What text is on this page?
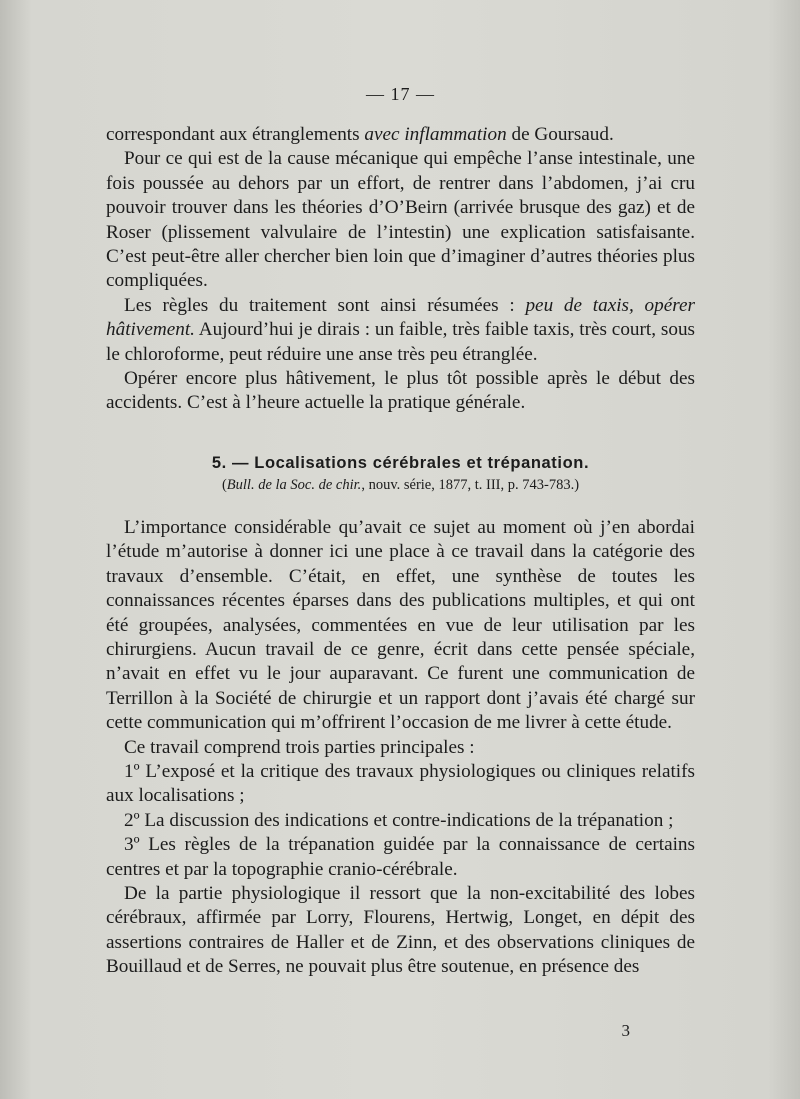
— 17 —

correspondant aux étranglements avec inflammation de Goursaud.

Pour ce qui est de la cause mécanique qui empêche l’anse intestinale, une fois poussée au dehors par un effort, de rentrer dans l’abdomen, j’ai cru pouvoir trouver dans les théories d’O’Beirn (arrivée brusque des gaz) et de Roser (plissement valvulaire de l’intestin) une explication satisfaisante. C’est peut-être aller chercher bien loin que d’imaginer d’autres théories plus compliquées.

Les règles du traitement sont ainsi résumées : peu de taxis, opérer hâtivement. Aujourd’hui je dirais : un faible, très faible taxis, très court, sous le chloroforme, peut réduire une anse très peu étranglée.

Opérer encore plus hâtivement, le plus tôt possible après le début des accidents. C’est à l’heure actuelle la pratique générale.

5. — Localisations cérébrales et trépanation.
(Bull. de la Soc. de chir., nouv. série, 1877, t. III, p. 743-783.)

L’importance considérable qu’avait ce sujet au moment où j’en abordai l’étude m’autorise à donner ici une place à ce travail dans la catégorie des travaux d’ensemble. C’était, en effet, une synthèse de toutes les connaissances récentes éparses dans des publications multiples, et qui ont été groupées, analysées, commentées en vue de leur utilisation par les chirurgiens. Aucun travail de ce genre, écrit dans cette pensée spéciale, n’avait en effet vu le jour auparavant. Ce furent une communication de Terrillon à la Société de chirurgie et un rapport dont j’avais été chargé sur cette communication qui m’offrirent l’occasion de me livrer à cette étude.

Ce travail comprend trois parties principales :

1º L’exposé et la critique des travaux physiologiques ou cliniques relatifs aux localisations ;

2º La discussion des indications et contre-indications de la trépanation ;

3º Les règles de la trépanation guidée par la connaissance de certains centres et par la topographie cranio-cérébrale.

De la partie physiologique il ressort que la non-excitabilité des lobes cérébraux, affirmée par Lorry, Flourens, Hertwig, Longet, en dépit des assertions contraires de Haller et de Zinn, et des observations cliniques de Bouillaud et de Serres, ne pouvait plus être soutenue, en présence des

3
